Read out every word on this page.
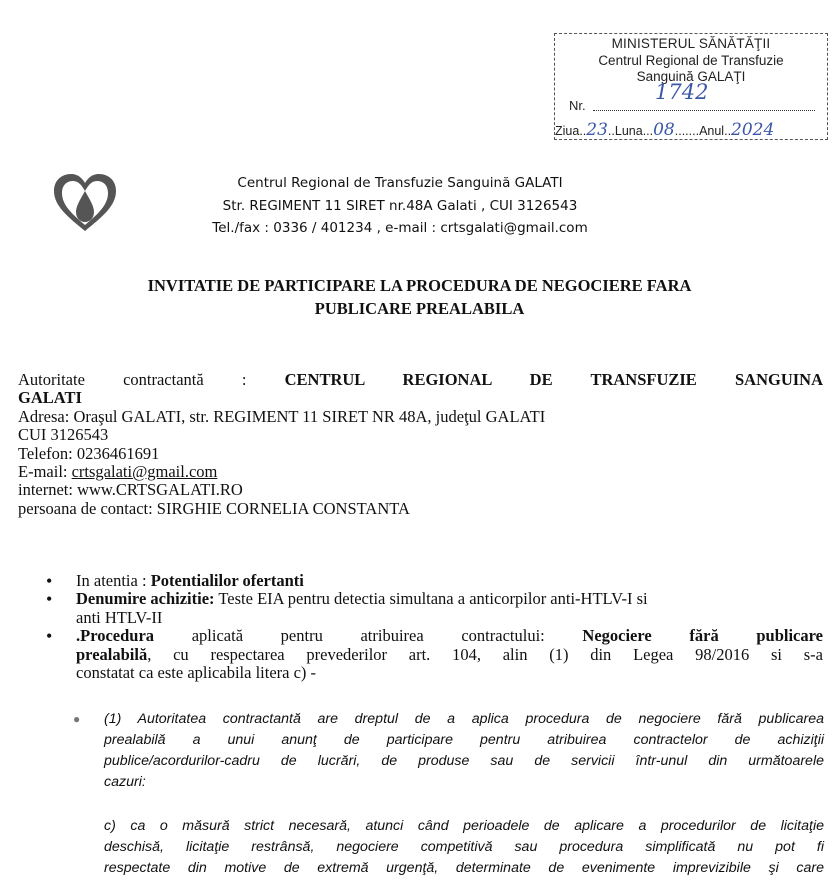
MINISTERUL SĂNĂTĂŢII
Centrul Regional de Transfuzie
Sanguină GALAŢI
Nr.
1742
Ziua..23..Luna...08.......Anul..2024
Centrul Regional de Transfuzie Sanguină GALATI
Str. REGIMENT 11 SIRET nr.48A Galati , CUI 3126543
Tel./fax : 0336 / 401234 , e-mail : crtsgalati@gmail.com
INVITATIE DE PARTICIPARE LA PROCEDURA DE NEGOCIERE FARA
PUBLICARE PREALABILA
Autoritate contractantă : CENTRUL REGIONAL DE TRANSFUZIE SANGUINA
GALATI
Adresa: Oraşul GALATI, str. REGIMENT 11 SIRET NR 48A, judeţul GALATI
CUI 3126543
Telefon: 0236461691
E-mail: crtsgalati@gmail.com
internet: www.CRTSGALATI.RO
persoana de contact: SIRGHIE CORNELIA CONSTANTA
• In atentia : Potentialilor ofertanti
• Denumire achizitie: Teste EIA pentru detectia simultana a anticorpilor anti-HTLV-I si
anti HTLV-II
• .Procedura aplicată pentru atribuirea contractului: Negociere fără publicare
prealabilă, cu respectarea prevederilor art. 104, alin (1) din Legea 98/2016 si s-a
constatat ca este aplicabila litera c) -
● (1) Autoritatea contractantă are dreptul de a aplica procedura de negociere fără publicarea
prealabilă a unui anunţ de participare pentru atribuirea contractelor de achiziţii
publice/acordurilor-cadru de lucrări, de produse sau de servicii într-unul din următoarele
cazuri:
c) ca o măsură strict necesară, atunci când perioadele de aplicare a procedurilor de licitaţie
deschisă, licitaţie restrânsă, negociere competitivă sau procedura simplificată nu pot fi
respectate din motive de extremă urgenţă, determinate de evenimente imprevizibile şi care
